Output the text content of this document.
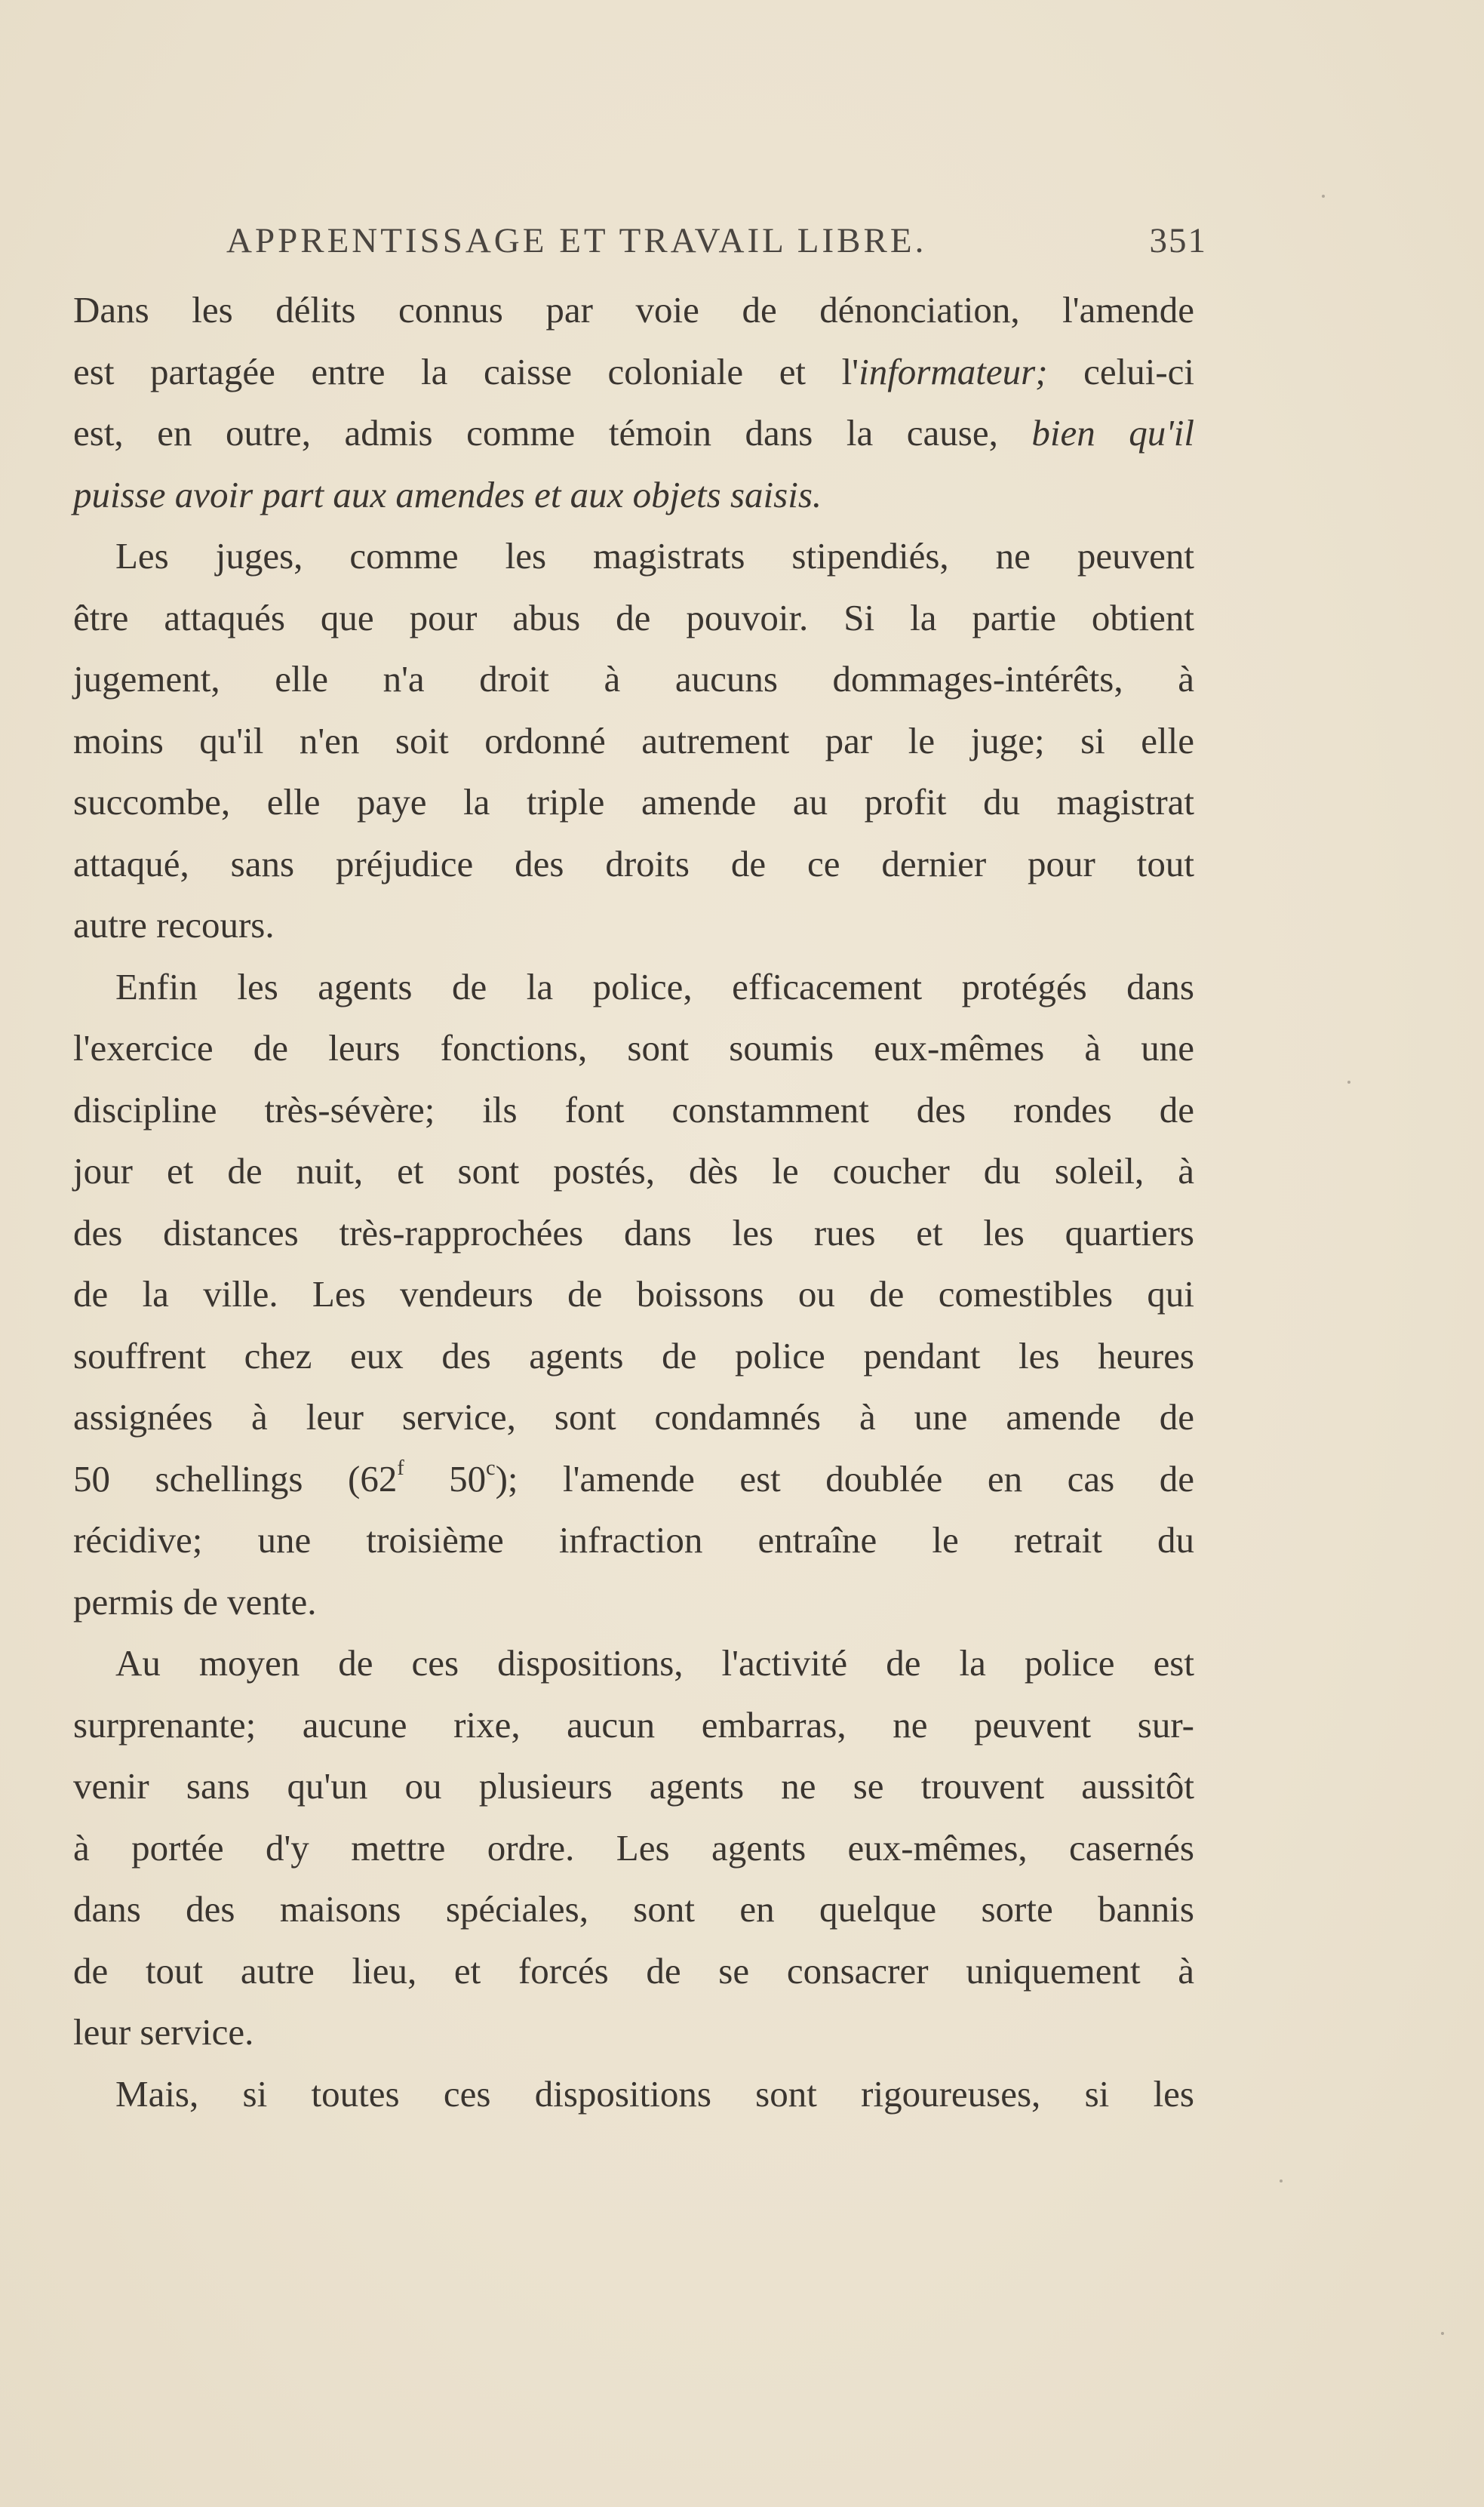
APPRENTISSAGE ET TRAVAIL LIBRE.	351
Dans les délits connus par voie de dénonciation, l'amende
est partagée entre la caisse coloniale et l'informateur; celui-ci
est, en outre, admis comme témoin dans la cause, bien qu'il
puisse avoir part aux amendes et aux objets saisis.
Les juges, comme les magistrats stipendiés, ne peuvent
être attaqués que pour abus de pouvoir. Si la partie obtient
jugement, elle n'a droit à aucuns dommages-intérêts, à
moins qu'il n'en soit ordonné autrement par le juge; si elle
succombe, elle paye la triple amende au profit du magistrat
attaqué, sans préjudice des droits de ce dernier pour tout
autre recours.
Enfin les agents de la police, efficacement protégés dans
l'exercice de leurs fonctions, sont soumis eux-mêmes à une
discipline très-sévère; ils font constamment des rondes de
jour et de nuit, et sont postés, dès le coucher du soleil, à
des distances très-rapprochées dans les rues et les quartiers
de la ville. Les vendeurs de boissons ou de comestibles qui
souffrent chez eux des agents de police pendant les heures
assignées à leur service, sont condamnés à une amende de
50 schellings (62$^f$ 50$^c$); l'amende est doublée en cas de
récidive; une troisième infraction entraîne le retrait du
permis de vente.
Au moyen de ces dispositions, l'activité de la police est
surprenante; aucune rixe, aucun embarras, ne peuvent sur-
venir sans qu'un ou plusieurs agents ne se trouvent aussitôt
à portée d'y mettre ordre. Les agents eux-mêmes, casernés
dans des maisons spéciales, sont en quelque sorte bannis
de tout autre lieu, et forcés de se consacrer uniquement à
leur service.
Mais, si toutes ces dispositions sont rigoureuses, si les
